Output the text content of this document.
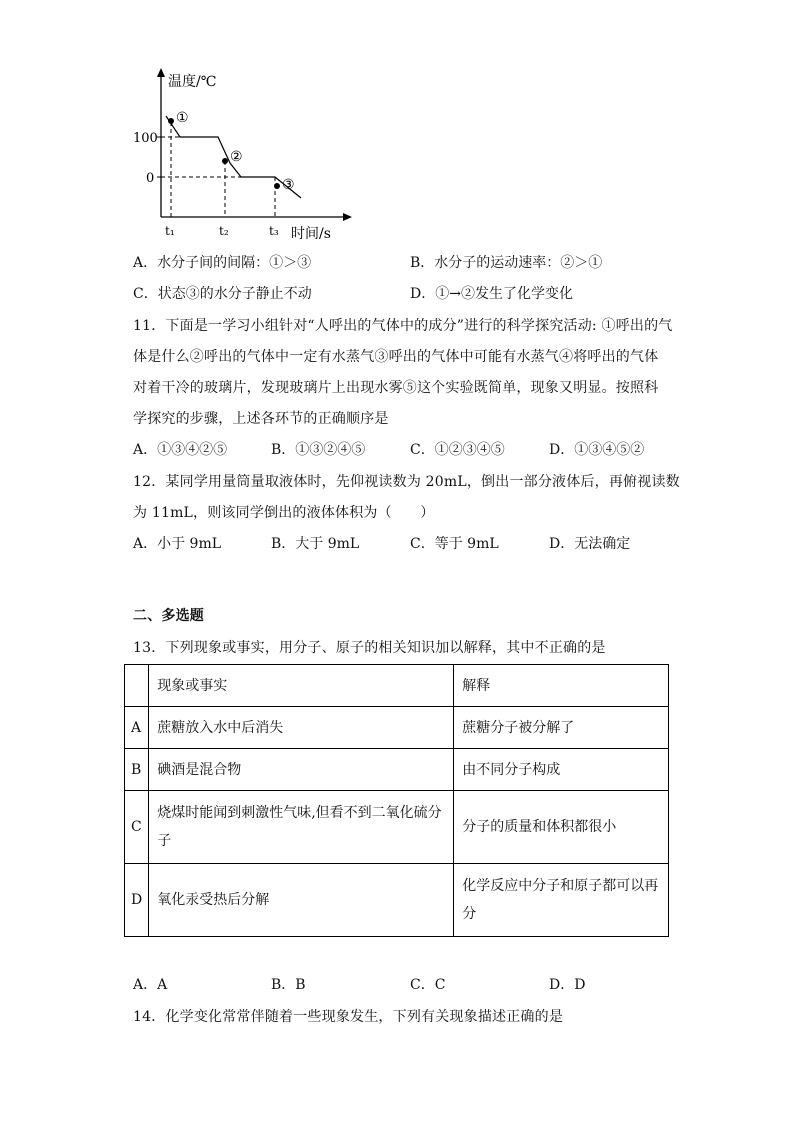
温度/℃
100
0
①
②
③
t₁	t₂	t₃ 时间/s
A．水分子间的间隔：①＞③	B．水分子的运动速率：②＞①
C．状态③的水分子静止不动	D．①→②发生了化学变化
11．下面是一学习小组针对“人呼出的气体中的成分”进行的科学探究活动: ①呼出的气
体是什么②呼出的气体中一定有水蒸气③呼出的气体中可能有水蒸气④将呼出的气体
对着干冷的玻璃片，发现玻璃片上出现水雾⑤这个实验既简单，现象又明显。按照科
学探究的步骤，上述各环节的正确顺序是
A．①③④②⑤	B．①③②④⑤	C．①②③④⑤	D．①③④⑤②
12．某同学用量筒量取液体时，先仰视读数为 20mL，倒出一部分液体后，再俯视读数
为 11mL，则该同学倒出的液体体积为（　　）
A．小于 9mL	B．大于 9mL	C．等于 9mL	D．无法确定
二、多选题
13．下列现象或事实，用分子、原子的相关知识加以解释，其中不正确的是
	现象或事实	解释
A	蔗糖放入水中后消失	蔗糖分子被分解了
B	碘酒是混合物	由不同分子构成
C	烧煤时能闻到刺激性气味,但看不到二氧化硫分子	分子的质量和体积都很小
D	氧化汞受热后分解	化学反应中分子和原子都可以再分
A．A	B．B	C．C	D．D
14．化学变化常常伴随着一些现象发生，下列有关现象描述正确的是
